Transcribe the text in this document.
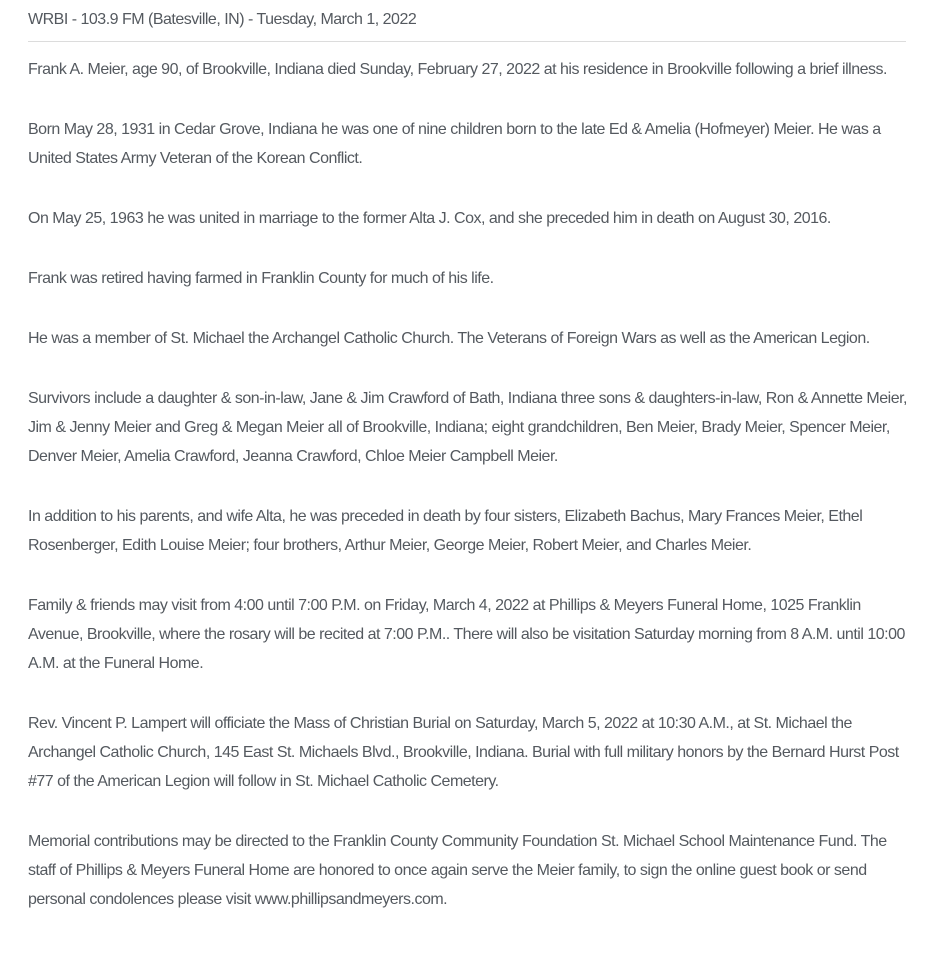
WRBI - 103.9 FM (Batesville, IN) - Tuesday, March 1, 2022

Frank A. Meier, age 90, of Brookville, Indiana died Sunday, February 27, 2022 at his residence in Brookville following a brief illness.

Born May 28, 1931 in Cedar Grove, Indiana he was one of nine children born to the late Ed & Amelia (Hofmeyer) Meier. He was a United States Army Veteran of the Korean Conflict.

On May 25, 1963 he was united in marriage to the former Alta J. Cox, and she preceded him in death on August 30, 2016.

Frank was retired having farmed in Franklin County for much of his life.

He was a member of St. Michael the Archangel Catholic Church. The Veterans of Foreign Wars as well as the American Legion.

Survivors include a daughter & son-in-law, Jane & Jim Crawford of Bath, Indiana three sons & daughters-in-law, Ron & Annette Meier, Jim & Jenny Meier and Greg & Megan Meier all of Brookville, Indiana; eight grandchildren, Ben Meier, Brady Meier, Spencer Meier, Denver Meier, Amelia Crawford, Jeanna Crawford, Chloe Meier Campbell Meier.

In addition to his parents, and wife Alta, he was preceded in death by four sisters, Elizabeth Bachus, Mary Frances Meier, Ethel Rosenberger, Edith Louise Meier; four brothers, Arthur Meier, George Meier, Robert Meier, and Charles Meier.

Family & friends may visit from 4:00 until 7:00 P.M. on Friday, March 4, 2022 at Phillips & Meyers Funeral Home, 1025 Franklin Avenue, Brookville, where the rosary will be recited at 7:00 P.M.. There will also be visitation Saturday morning from 8 A.M. until 10:00 A.M. at the Funeral Home.

Rev. Vincent P. Lampert will officiate the Mass of Christian Burial on Saturday, March 5, 2022 at 10:30 A.M., at St. Michael the Archangel Catholic Church, 145 East St. Michaels Blvd., Brookville, Indiana. Burial with full military honors by the Bernard Hurst Post #77 of the American Legion will follow in St. Michael Catholic Cemetery.

Memorial contributions may be directed to the Franklin County Community Foundation St. Michael School Maintenance Fund. The staff of Phillips & Meyers Funeral Home are honored to once again serve the Meier family, to sign the online guest book or send personal condolences please visit www.phillipsandmeyers.com.
